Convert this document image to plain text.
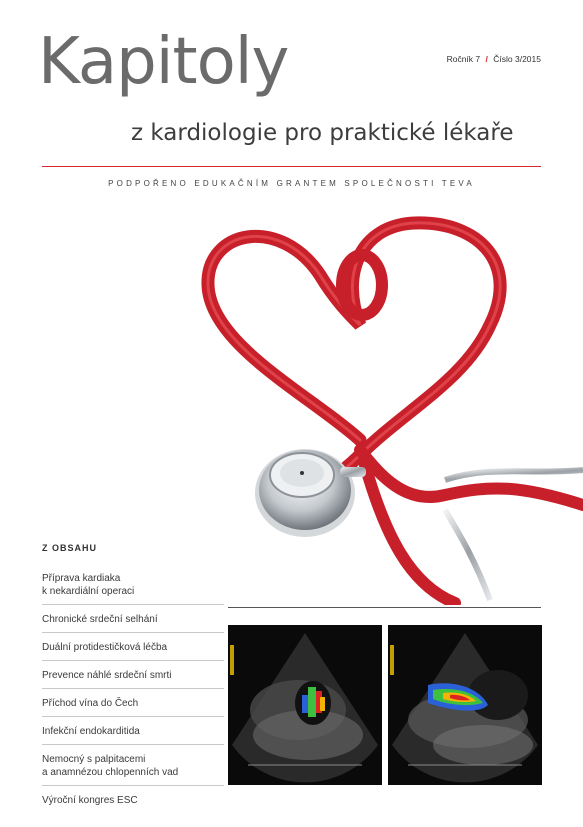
Kapitoly
z kardiologie pro praktické lékaře
Ročník 7 / Číslo 3/2015
PODPOŘENO EDUKAČNÍM GRANTEM SPOLEČNOSTI TEVA
Z OBSAHU
Příprava kardiaka
k nekardiální operaci
Chronické srdeční selhání
Duální protidestičková léčba
Prevence náhlé srdeční smrti
Příchod vína do Čech
Infekční endokarditida
Nemocný s palpitacemi
a anamnézou chlopenních vad
Výroční kongres ESC
